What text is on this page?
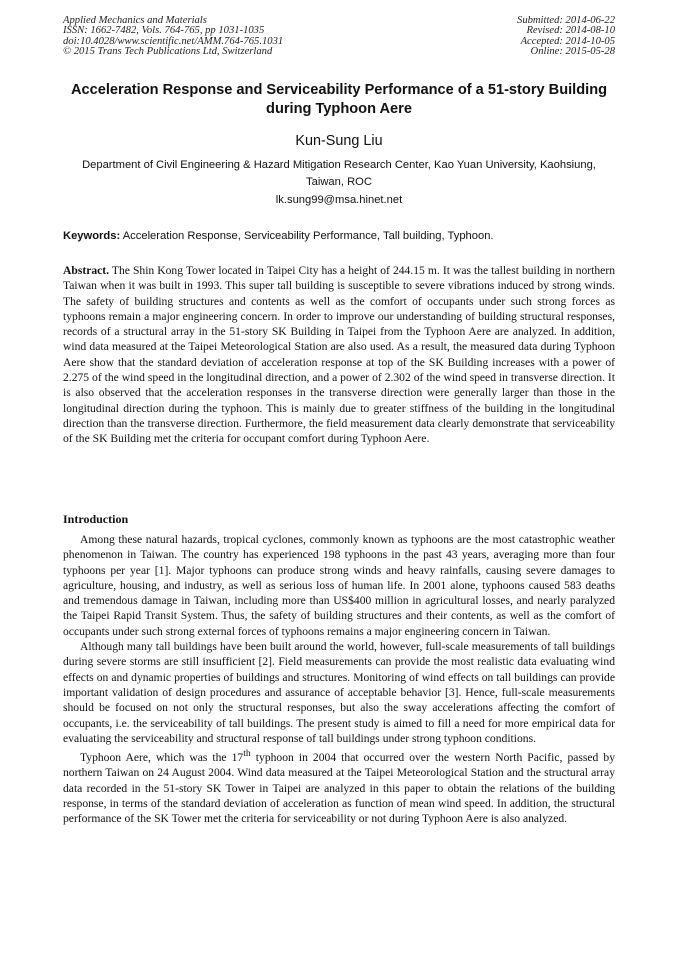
Applied Mechanics and Materials
ISSN: 1662-7482, Vols. 764-765, pp 1031-1035
doi:10.4028/www.scientific.net/AMM.764-765.1031
© 2015 Trans Tech Publications Ltd, Switzerland
Submitted: 2014-06-22
Revised: 2014-08-10
Accepted: 2014-10-05
Online: 2015-05-28
Acceleration Response and Serviceability Performance of a 51-story Building during Typhoon Aere
Kun-Sung Liu
Department of Civil Engineering & Hazard Mitigation Research Center, Kao Yuan University, Kaohsiung, Taiwan, ROC
lk.sung99@msa.hinet.net
Keywords: Acceleration Response, Serviceability Performance, Tall building, Typhoon.
Abstract. The Shin Kong Tower located in Taipei City has a height of 244.15 m. It was the tallest building in northern Taiwan when it was built in 1993. This super tall building is susceptible to severe vibrations induced by strong winds. The safety of building structures and contents as well as the comfort of occupants under such strong forces as typhoons remain a major engineering concern. In order to improve our understanding of building structural responses, records of a structural array in the 51-story SK Building in Taipei from the Typhoon Aere are analyzed. In addition, wind data measured at the Taipei Meteorological Station are also used. As a result, the measured data during Typhoon Aere show that the standard deviation of acceleration response at top of the SK Building increases with a power of 2.275 of the wind speed in the longitudinal direction, and a power of 2.302 of the wind speed in transverse direction. It is also observed that the acceleration responses in the transverse direction were generally larger than those in the longitudinal direction during the typhoon. This is mainly due to greater stiffness of the building in the longitudinal direction than the transverse direction. Furthermore, the field measurement data clearly demonstrate that serviceability of the SK Building met the criteria for occupant comfort during Typhoon Aere.
Introduction

Among these natural hazards, tropical cyclones, commonly known as typhoons are the most catastrophic weather phenomenon in Taiwan. The country has experienced 198 typhoons in the past 43 years, averaging more than four typhoons per year [1]. Major typhoons can produce strong winds and heavy rainfalls, causing severe damages to agriculture, housing, and industry, as well as serious loss of human life. In 2001 alone, typhoons caused 583 deaths and tremendous damage in Taiwan, including more than US$400 million in agricultural losses, and nearly paralyzed the Taipei Rapid Transit System. Thus, the safety of building structures and their contents, as well as the comfort of occupants under such strong external forces of typhoons remains a major engineering concern in Taiwan.

Although many tall buildings have been built around the world, however, full-scale measurements of tall buildings during severe storms are still insufficient [2]. Field measurements can provide the most realistic data evaluating wind effects on and dynamic properties of buildings and structures. Monitoring of wind effects on tall buildings can provide important validation of design procedures and assurance of acceptable behavior [3]. Hence, full-scale measurements should be focused on not only the structural responses, but also the sway accelerations affecting the comfort of occupants, i.e. the serviceability of tall buildings. The present study is aimed to fill a need for more empirical data for evaluating the serviceability and structural response of tall buildings under strong typhoon conditions.

Typhoon Aere, which was the 17th typhoon in 2004 that occurred over the western North Pacific, passed by northern Taiwan on 24 August 2004. Wind data measured at the Taipei Meteorological Station and the structural array data recorded in the 51-story SK Tower in Taipei are analyzed in this paper to obtain the relations of the building response, in terms of the standard deviation of acceleration as function of mean wind speed. In addition, the structural performance of the SK Tower met the criteria for serviceability or not during Typhoon Aere is also analyzed.
